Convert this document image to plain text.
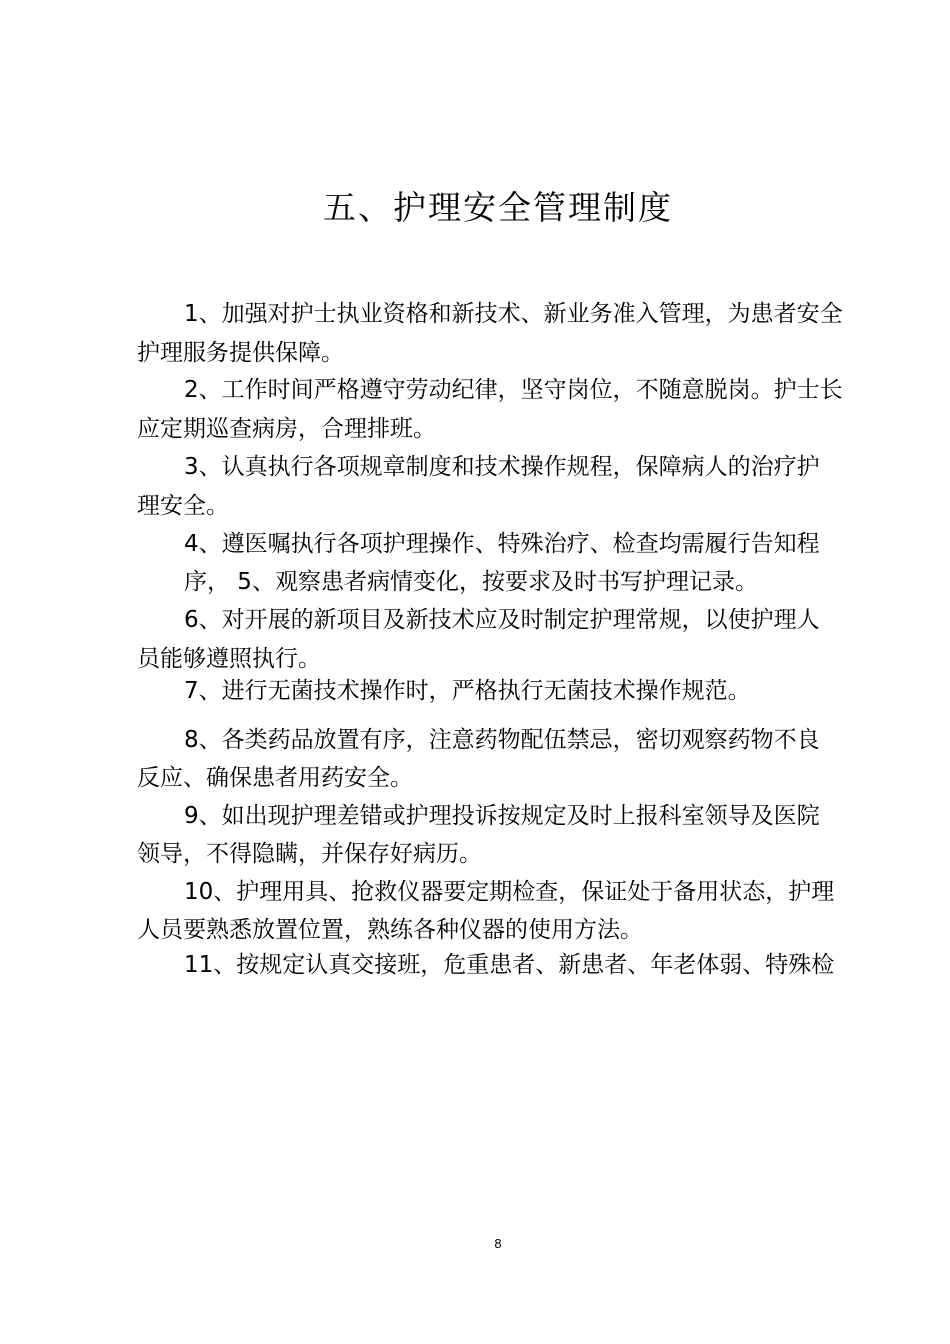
五、护理安全管理制度
1、加强对护士执业资格和新技术、新业务准入管理，为患者安全
护理服务提供保障。
2、工作时间严格遵守劳动纪律，坚守岗位，不随意脱岗。护士长
应定期巡查病房，合理排班。
3、认真执行各项规章制度和技术操作规程，保障病人的治疗护
理安全。
4、遵医嘱执行各项护理操作、特殊治疗、检查均需履行告知程
序， 5、观察患者病情变化，按要求及时书写护理记录。
6、对开展的新项目及新技术应及时制定护理常规，以使护理人
员能够遵照执行。
7、进行无菌技术操作时，严格执行无菌技术操作规范。
8、各类药品放置有序，注意药物配伍禁忌，密切观察药物不良
反应、确保患者用药安全。
9、如出现护理差错或护理投诉按规定及时上报科室领导及医院
领导，不得隐瞒，并保存好病历。
10、护理用具、抢救仪器要定期检查，保证处于备用状态，护理
人员要熟悉放置位置，熟练各种仪器的使用方法。
11、按规定认真交接班，危重患者、新患者、年老体弱、特殊检
8
